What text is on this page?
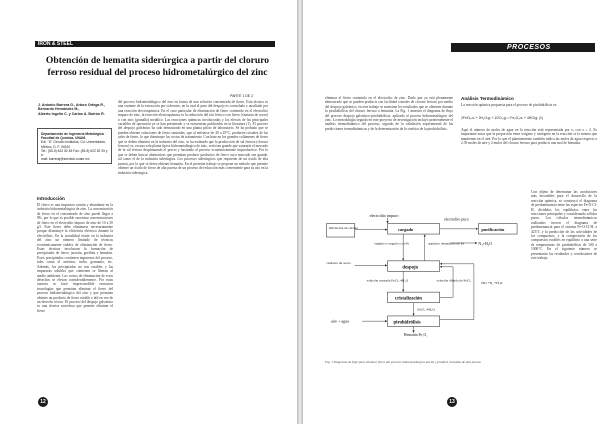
IRON & STEEL
Obtención de hematita siderúrgica a partir del cloruro ferroso residual del proceso hidrometalúrgico del zinc
J. Antonio Barrera G., Arturo Ortega R.,
Bernardo Hernández M.,
Alberto Ingelio C. y Carlos A. Butrón R.
Departamento de Ingeniería Metalúrgica
Facultad de Química, UNAM.
Edi. "D" Circuito Institutos, Cd. Universitaria,
México, D. F. 04510
Tel.: (55-5) 622 52 45 Fax: (55-5) 622 52 39 y e-
mail: barreraj@servidor.unam.mx
Introducción
El fierro es una impureza común y abundante en la industria hidrometalúrgica de zinc. La concentración de fierro en el concentrado de zinc puede llegar a 8%, por lo que es posible encontrar concentraciones de fierro en el electrolito impuro de zinc de 10 a 30 g/l. Este fierro debe eliminarse necesariamente porque disminuye la eficiencia eléctrica durante la electrólisis. En la actualidad existe en la industria del zinc un número limitado de técnicas económicamente viables de eliminación de fierro. Estas técnicas involucran la formación de precipitados de fierro: jarosita, goethita y hematita. Estos precipitados contienen impurezas del proceso, tales como el arsénico, indio, germanio, etc. Además, los precipitados no son estables y las impurezas solubles que contienen se liberan al medio ambiente. Los costos de eliminación de estos desechos se elevan considerablemente. Por estas razones se hace imprescindible encontrar tecnologías que permitan eliminar el fierro del proceso hidrometalúrgico del zinc y que permitan obtener un producto de fierro estable o útil en vez de un desecho tóxico. El proceso del despojo galvánico es una técnica novedosa que permite eliminar el fierro
PARTE 1 DE 2
del proceso hidrometalúrgico del zinc en forma de una solución concentrada de fierro. Esta técnica es una variante de la extracción por solventes, en la cual el paso del despojo es controlado y auxiliado por una reacción electroquímica. En el caso particular de eliminación de fierro contenido en el electrolito impuro de zinc, la reacción electroquímica es la reducción del ión férrico con fierro (chatarra de acero) o con zinc (granalla) metálico. Las reacciones químicas involucradas y los efectos de las principales variables de operación ya se han presentado y se encuentran publicados en la literatura (1). El proceso del despojo galvánico ha sido demostrado en una planta piloto de laboratorio. Se ha probado que se pueden obtener soluciones de fierro saturadas, que al enfriarse de 40 a 25°C, producen cristales de las sales de fierro, lo que disminuye los costos de tratamiento. Con base en los grandes volúmenes de fierro que se deben eliminar en la industria del zinc, se ha estimado que la producción de sal ferrosa (cloruro ferroso) es, en una sola planta típica hidrometalúrgica de zinc, sería tan grande que saturaría el mercado de la sal ferrosa desplomando el precio y haciendo al proceso económicamente improductivo. Por lo que se deben buscar alternativas que permitan producir productos de fierro cuyo mercado sea grande, tal como el de la industria siderúrgica. Los procesos siderúrgicos que requieren de un óxido de alta pureza, por lo que se desea obtener hematita. En el presente trabajo se propone un método que permite obtener un óxido de fierro de alta pureza de un proceso de reducción más conveniente para su uso en la industria siderúrgica.
12
PROCESOS
eliminar el fierro contenido en el electrolito de zinc. Dado que ya está plenamente demostrado que se pueden producir con facilidad cristales de cloruro ferroso por medio del despojo galvánico, en este trabajo se muestran los resultados que se obtienen durante la pirohidrólisis del cloruro ferroso a hematita. La Fig. 1 muestra el diagrama de flujo del proceso despojo galvánico-pirohidrólisis, aplicado al proceso hidrometalúrgico del zinc. La metodología seguida en este proyecto de investigación incluyó primeramente el análisis termodinámico del proceso, seguido de la validación experimental de las predicciones termodinámicas y de la determinación de la cinética de la pirohidrólisis.
Análisis Termodinámico
La reacción química propuesta para el proceso de pirohidrólisis es:
2FeCl₂₍s₎ + 2H₂O₍g₎ + 1/2O₂₍g₎ = Fe₂O₃₍s₎ + 4HCl₍g₎ (1)
Aquí el número de moles de agua en la reacción está representada por x, con x ≥ 2. Es importante notar que la proporción entre oxígeno y nitrógeno en la reacción se la misma que mantienen en el aire. Por lo que el planteamiento también indica las moles de agua respecto a 2.39 moles de aire y 2 moles del cloruro ferroso para producir una mol de hematita.
Con objeto de determinar las condiciones más favorables para el desarrollo de la reacción química, se construyó el diagrama de predominancia entre las especies Fe-O-Cl-H, divididos los equilibrios entre las reacciones principales y considerando sólidos puros. Los cálculos termodinámicos realizados fueron el diagrama de predominancia para el sistema Fe-O-Cl-H, a 423°C y la predicción de las actividades de los compuestos, y la composición de los compuestos estables en equilibrio a una serie de temperaturas de pirohidrólisis de 100 a 1000°C. En el siguiente número se presentarán los resultados y conclusiones de este trabajo.
lixiviación de calcina	cargado	purificación
electrolito impuro
electrolito puro
orgánico cargado con Fe	orgánico despojado de Fe	N₂+H₂O
chatarra de acero
despojo
solución saturada FeCl₂·4H₂O	solución diluida de FeCl₂
HCl +N₂ +H₂O
cristalización
FeCl₂·4H₂O
aire + agua	pirohidrólisis
Hematita Fe₂O₃
Fig. 1 Diagrama de flujo para eliminar fierro del proceso hidrometalúrgico del Zn y producir hematita de alta pureza.
13
